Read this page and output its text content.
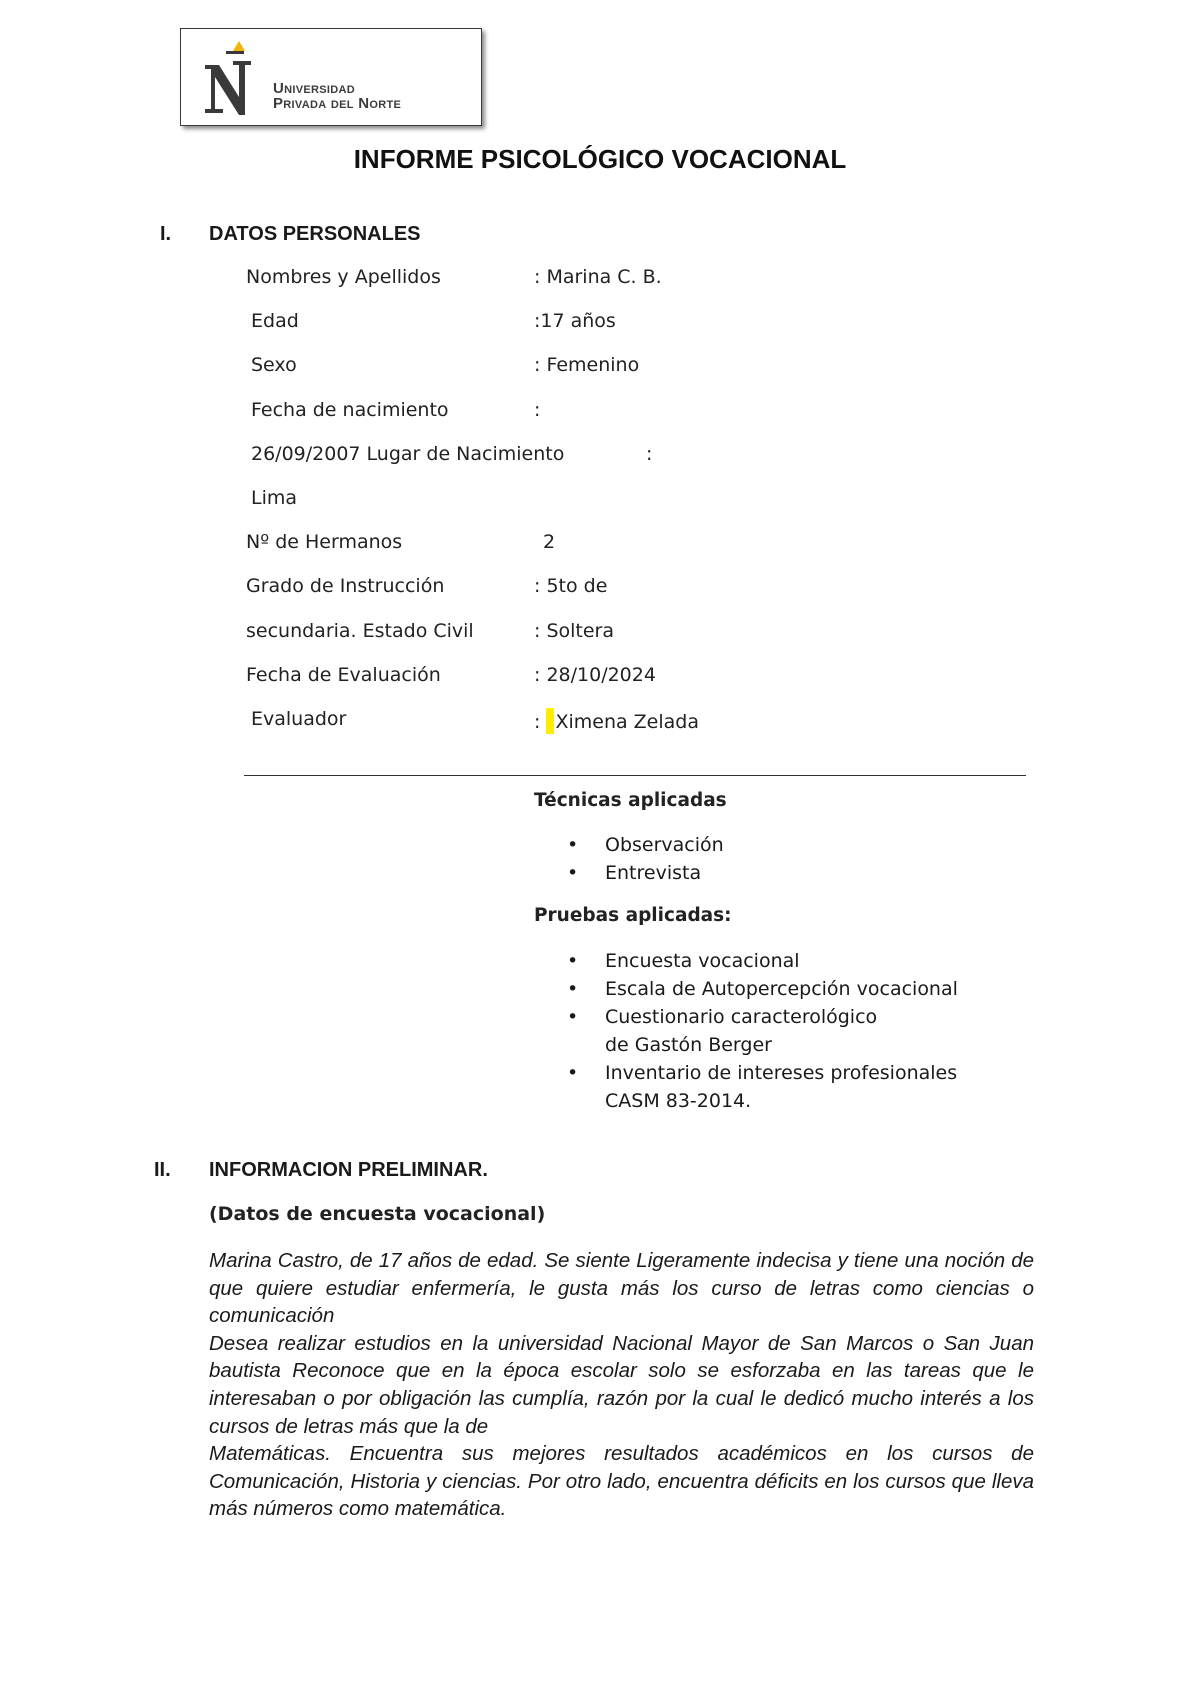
Universidad
Privada del Norte
INFORME PSICOLÓGICO VOCACIONAL
I. DATOS PERSONALES
Nombres y Apellidos	: Marina C. B.
Edad	:17 años
Sexo	: Femenino
Fecha de nacimiento	:
26/09/2007 Lugar de Nacimiento	:
Lima
Nº de Hermanos	2
Grado de Instrucción	: 5to de
secundaria. Estado Civil	: Soltera
Fecha de Evaluación	: 28/10/2024
Evaluador	: Ximena Zelada
Técnicas aplicadas
• Observación
• Entrevista
Pruebas aplicadas:
• Encuesta vocacional
• Escala de Autopercepción vocacional
• Cuestionario caracterológico de Gastón Berger
• Inventario de intereses profesionales CASM 83-2014.
II. INFORMACION PRELIMINAR.
(Datos de encuesta vocacional)

Marina Castro, de 17 años de edad. Se siente Ligeramente indecisa y tiene una noción de que quiere estudiar enfermería, le gusta más los curso de letras como ciencias o comunicación

Desea realizar estudios en la universidad Nacional Mayor de San Marcos o San Juan bautista Reconoce que en la época escolar solo se esforzaba en las tareas que le interesaban o por obligación las cumplía, razón por la cual le dedicó mucho interés a los cursos de letras más que la de

Matemáticas. Encuentra sus mejores resultados académicos en los cursos de Comunicación, Historia y ciencias. Por otro lado, encuentra déficits en los cursos que lleva más números como matemática.
